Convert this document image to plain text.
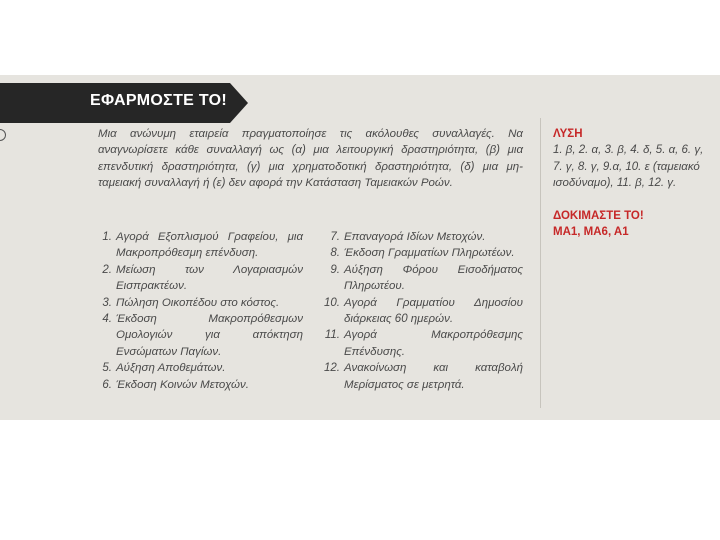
ΕΦΑΡΜΟΣΤΕ ΤΟ!
Μια ανώνυμη εταιρεία πραγματοποίησε τις ακόλουθες συναλλαγές. Να αναγνωρίσετε κάθε συναλλαγή ως (α) μια λειτουργική δραστηριότητα, (β) μια επενδυτική δραστηριότητα, (γ) μια χρηματοδοτική δραστηριότητα, (δ) μια μη-ταμειακή συναλλαγή ή (ε) δεν αφορά την Κατάσταση Ταμειακών Ροών.
1. Αγορά Εξοπλισμού Γραφείου, μια Μακροπρόθεσμη επένδυση.
2. Μείωση των Λογαριασμών Εισπρακτέων.
3. Πώληση Οικοπέδου στο κόστος.
4. Έκδοση Μακροπρόθεσμων Ομολογιών για απόκτηση Ενσώματων Παγίων.
5. Αύξηση Αποθεμάτων.
6. Έκδοση Κοινών Μετοχών.
7. Επαναγορά Ιδίων Μετοχών.
8. Έκδοση Γραμματίων Πληρωτέων.
9. Αύξηση Φόρου Εισοδήματος Πληρωτέου.
10. Αγορά Γραμματίου Δημοσίου διάρκειας 60 ημερών.
11. Αγορά Μακροπρόθεσμης Επένδυσης.
12. Ανακοίνωση και καταβολή Μερίσματος σε μετρητά.
ΛΥΣΗ
1. β, 2. α, 3. β, 4. δ, 5. α, 6. γ, 7. γ, 8. γ, 9.α, 10. ε (ταμειακό ισοδύναμο), 11. β, 12. γ.
ΔΟΚΙΜΑΣΤΕ ΤΟ!
ΜΑ1, ΜΑ6, Α1
